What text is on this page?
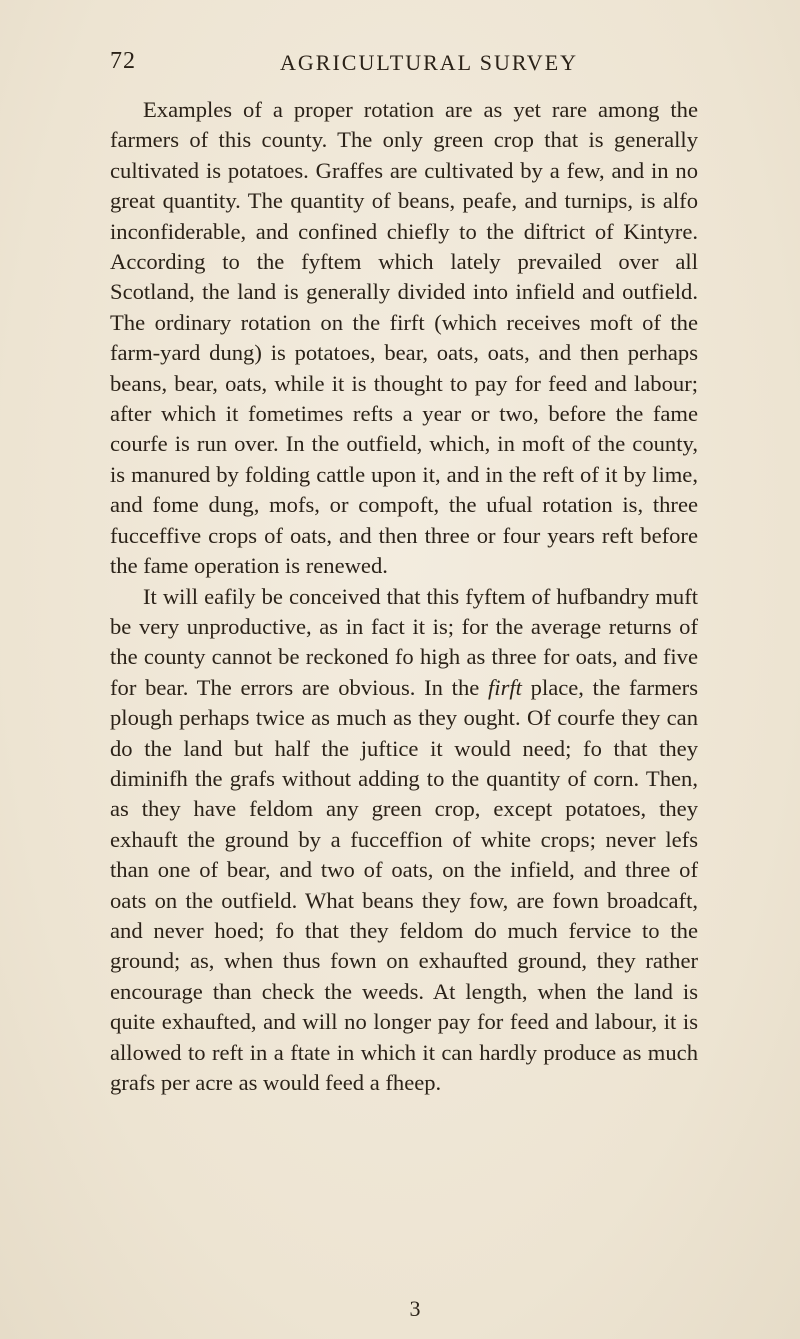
72	AGRICULTURAL SURVEY

Examples of a proper rotation are as yet rare among the farmers of this county. The only green crop that is generally cultivated is potatoes. Graffes are cultivated by a few, and in no great quantity. The quantity of beans, peafe, and turnips, is alfo inconfiderable, and confined chiefly to the diftrict of Kintyre. According to the fyftem which lately prevailed over all Scotland, the land is generally divided into infield and outfield. The ordinary rotation on the firft (which receives moft of the farm-yard dung) is potatoes, bear, oats, oats, and then perhaps beans, bear, oats, while it is thought to pay for feed and labour; after which it fometimes refts a year or two, before the fame courfe is run over. In the outfield, which, in moft of the county, is manured by folding cattle upon it, and in the reft of it by lime, and fome dung, mofs, or compoft, the ufual rotation is, three fucceffive crops of oats, and then three or four years reft before the fame operation is renewed.

It will eafily be conceived that this fyftem of hufbandry muft be very unproductive, as in fact it is; for the average returns of the county cannot be reckoned fo high as three for oats, and five for bear. The errors are obvious. In the firft place, the farmers plough perhaps twice as much as they ought. Of courfe they can do the land but half the juftice it would need; fo that they diminifh the grafs without adding to the quantity of corn. Then, as they have feldom any green crop, except potatoes, they exhauft the ground by a fucceffion of white crops; never lefs than one of bear, and two of oats, on the infield, and three of oats on the outfield. What beans they fow, are fown broadcaft, and never hoed; fo that they feldom do much fervice to the ground; as, when thus fown on exhaufted ground, they rather encourage than check the weeds. At length, when the land is quite exhaufted, and will no longer pay for feed and labour, it is allowed to reft in a ftate in which it can hardly produce as much grafs per acre as would feed a fheep.

3
